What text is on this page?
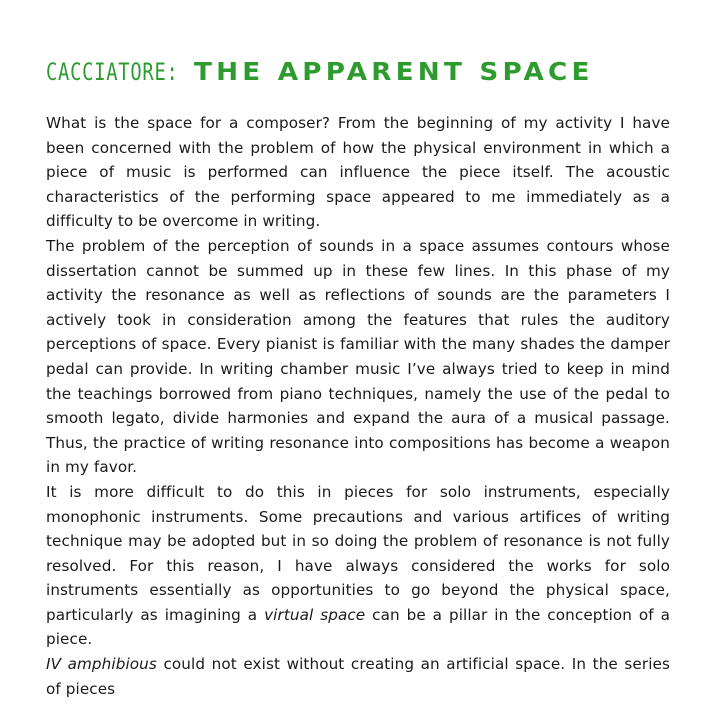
CACCIATORE: THE APPARENT SPACE

What is the space for a composer? From the beginning of my activity I have been concerned with the problem of how the physical environment in which a piece of music is performed can influence the piece itself. The acoustic characteristics of the performing space appeared to me immediately as a difficulty to be overcome in writing.

The problem of the perception of sounds in a space assumes contours whose dissertation cannot be summed up in these few lines. In this phase of my activity the resonance as well as reflections of sounds are the parameters I actively took in consideration among the features that rules the auditory perceptions of space. Every pianist is familiar with the many shades the damper pedal can provide. In writing chamber music I’ve always tried to keep in mind the teachings borrowed from piano techniques, namely the use of the pedal to smooth legato, divide harmonies and expand the aura of a musical passage. Thus, the practice of writing resonance into compositions has become a weapon in my favor.

It is more difficult to do this in pieces for solo instruments, especially monophonic instruments. Some precautions and various artifices of writing technique may be adopted but in so doing the problem of resonance is not fully resolved. For this reason, I have always considered the works for solo instruments essentially as opportunities to go beyond the physical space, particularly as imagining a virtual space can be a pillar in the conception of a piece.

IV amphibious could not exist without creating an artificial space. In the series of pieces
